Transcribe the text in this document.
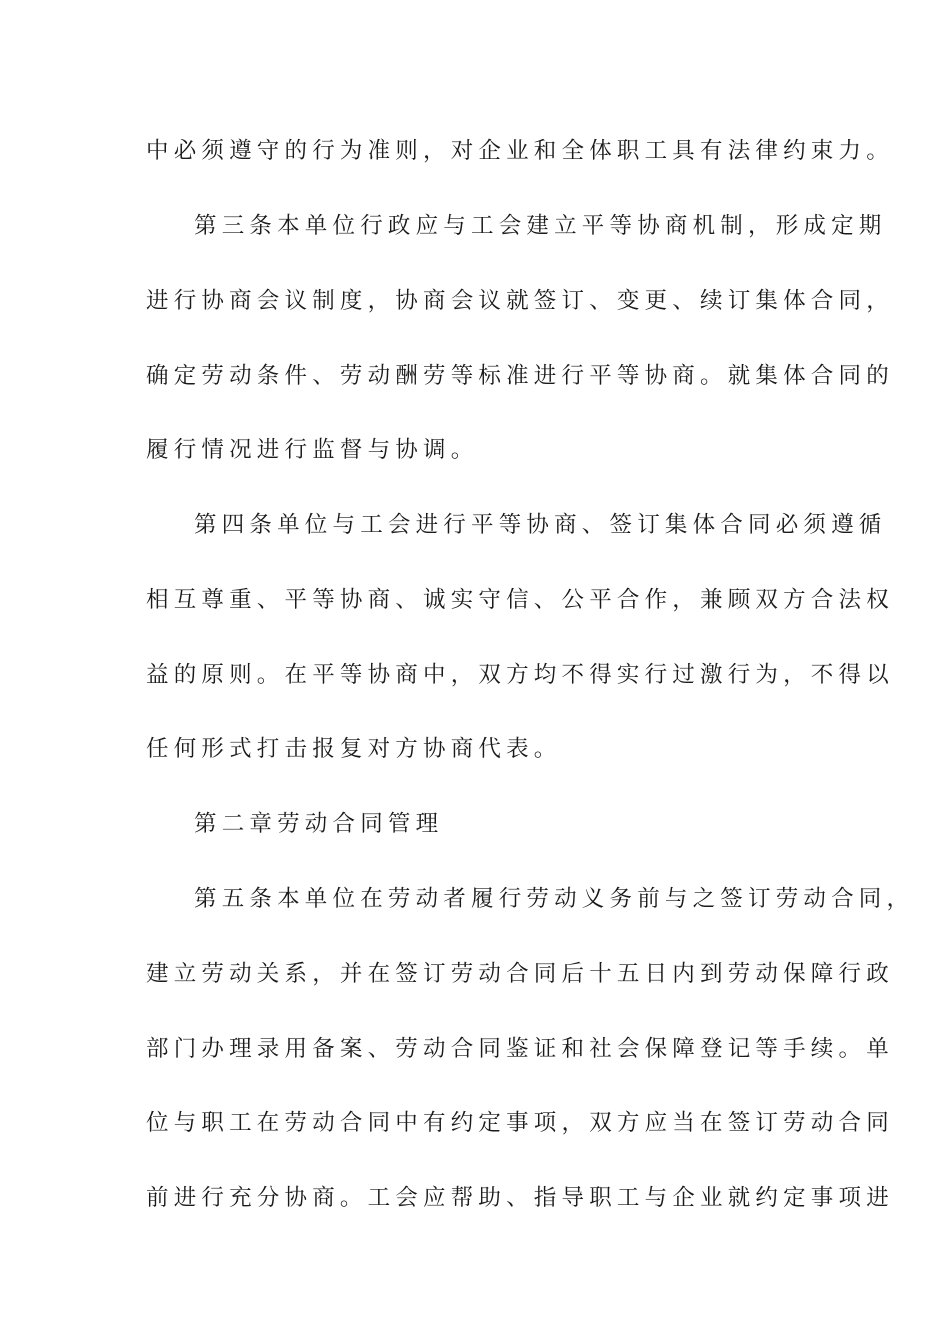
中必须遵守的行为准则，对企业和全体职工具有法律约束力。
第三条本单位行政应与工会建立平等协商机制，形成定期
进行协商会议制度，协商会议就签订、变更、续订集体合同，
确定劳动条件、劳动酬劳等标准进行平等协商。就集体合同的
履行情况进行监督与协调。
第四条单位与工会进行平等协商、签订集体合同必须遵循
相互尊重、平等协商、诚实守信、公平合作，兼顾双方合法权
益的原则。在平等协商中，双方均不得实行过激行为，不得以
任何形式打击报复对方协商代表。
第二章劳动合同管理
第五条本单位在劳动者履行劳动义务前与之签订劳动合同，
建立劳动关系，并在签订劳动合同后十五日内到劳动保障行政
部门办理录用备案、劳动合同鉴证和社会保障登记等手续。单
位与职工在劳动合同中有约定事项，双方应当在签订劳动合同
前进行充分协商。工会应帮助、指导职工与企业就约定事项进
